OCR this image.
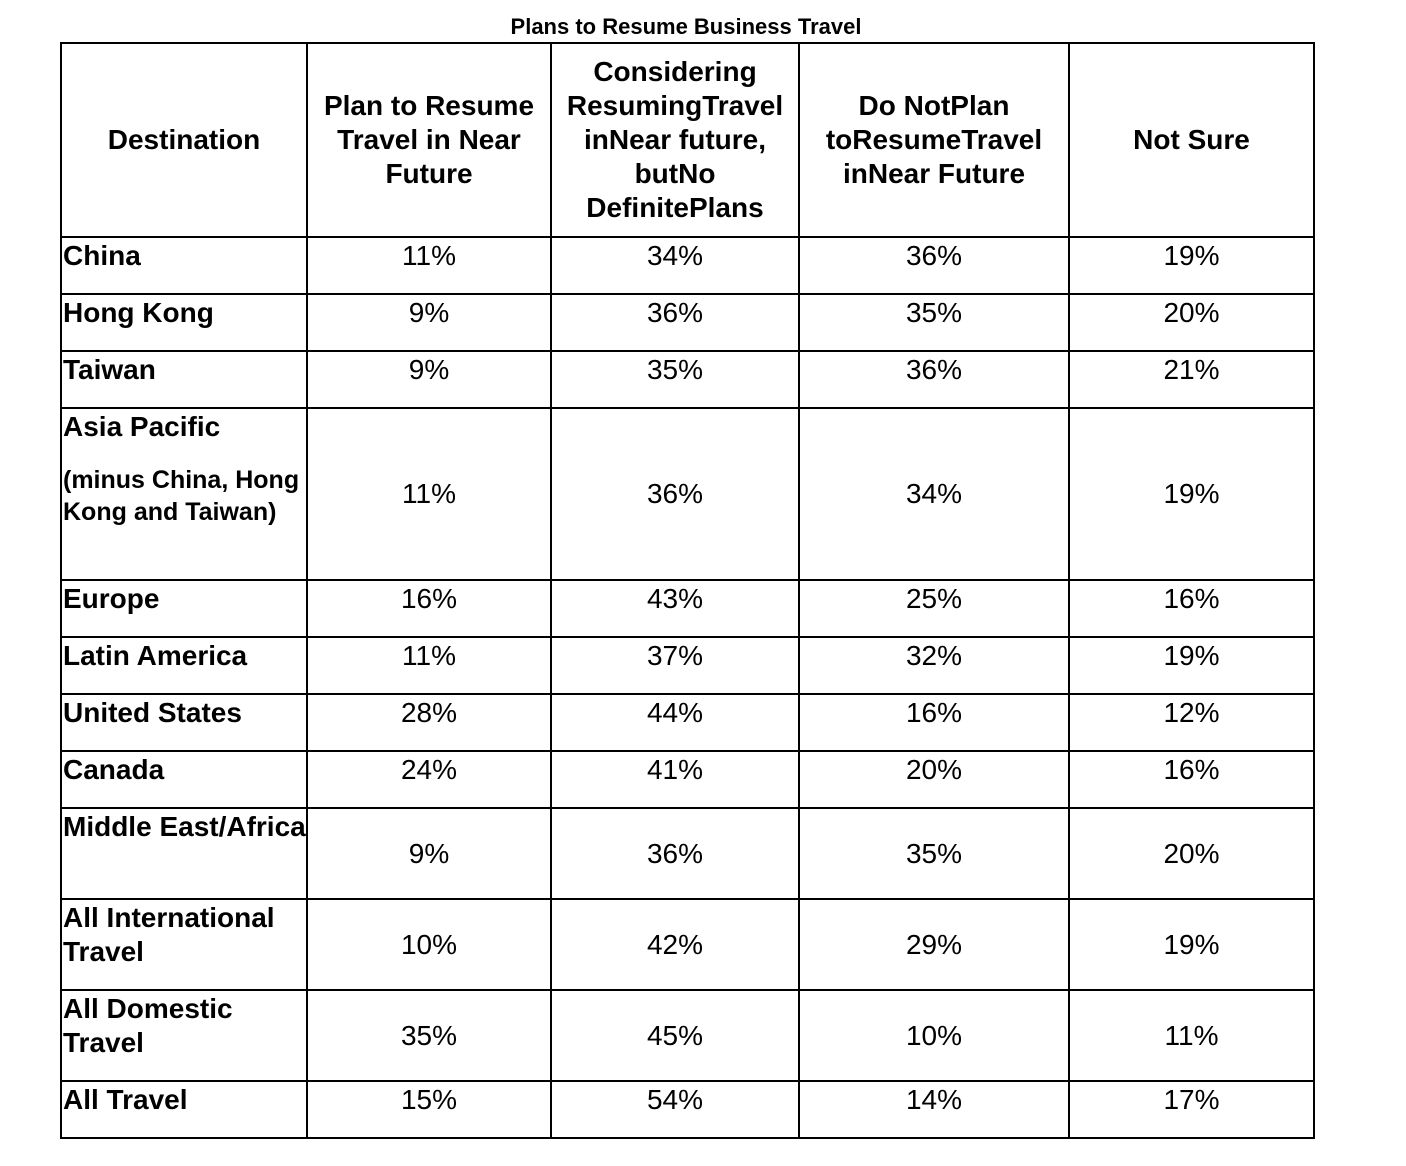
Plans to Resume Business Travel
Destination	Plan to Resume Travel in Near Future	Considering ResumingTravel inNear future, butNo DefinitePlans	Do NotPlan toResumeTravel inNear Future	Not Sure
China	11%	34%	36%	19%
Hong Kong	9%	36%	35%	20%
Taiwan	9%	35%	36%	21%
Asia Pacific
(minus China, Hong Kong and Taiwan)	11%	36%	34%	19%
Europe	16%	43%	25%	16%
Latin America	11%	37%	32%	19%
United States	28%	44%	16%	12%
Canada	24%	41%	20%	16%
Middle East/Africa	9%	36%	35%	20%
All International Travel	10%	42%	29%	19%
All Domestic Travel	35%	45%	10%	11%
All Travel	15%	54%	14%	17%
